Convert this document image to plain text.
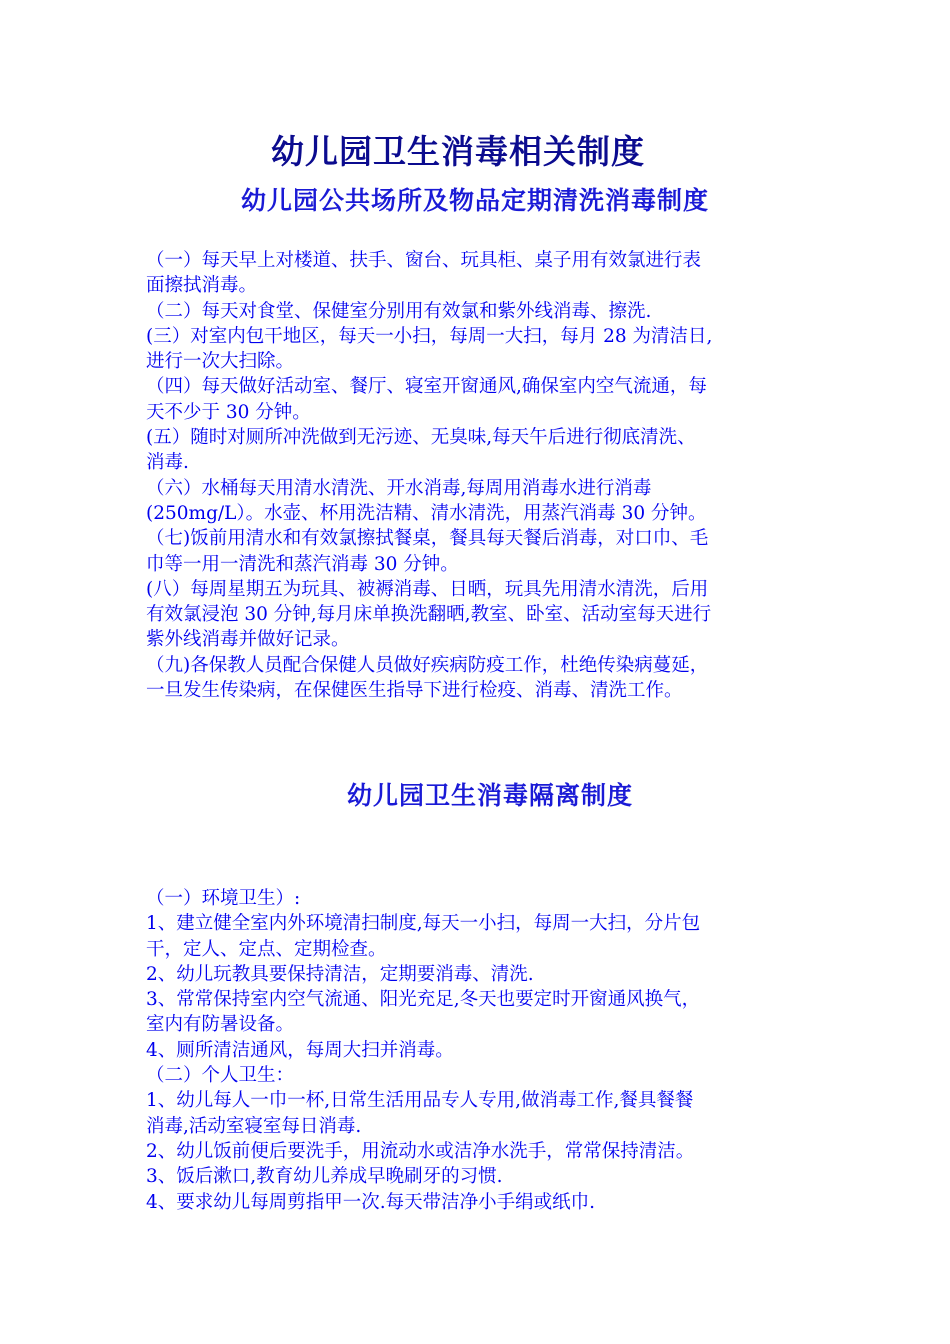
幼儿园卫生消毒相关制度
幼儿园公共场所及物品定期清洗消毒制度
（一）每天早上对楼道、扶手、窗台、玩具柜、桌子用有效氯进行表
面擦拭消毒。
（二）每天对食堂、保健室分别用有效氯和紫外线消毒、擦洗.
(三）对室内包干地区，每天一小扫，每周一大扫，每月 28 为清洁日,
进行一次大扫除。
（四）每天做好活动室、餐厅、寝室开窗通风,确保室内空气流通，每
天不少于 30 分钟。
(五）随时对厕所冲洗做到无污迹、无臭味,每天午后进行彻底清洗、
消毒.
（六）水桶每天用清水清洗、开水消毒,每周用消毒水进行消毒
(250mg/L）。水壶、杯用洗洁精、清水清洗，用蒸汽消毒 30 分钟。
（七)饭前用清水和有效氯擦拭餐桌，餐具每天餐后消毒，对口巾、毛
巾等一用一清洗和蒸汽消毒 30 分钟。
(八）每周星期五为玩具、被褥消毒、日晒，玩具先用清水清洗，后用
有效氯浸泡 30 分钟,每月床单换洗翻晒,教室、卧室、活动室每天进行
紫外线消毒并做好记录。
（九)各保教人员配合保健人员做好疾病防疫工作，杜绝传染病蔓延，
一旦发生传染病，在保健医生指导下进行检疫、消毒、清洗工作。
幼儿园卫生消毒隔离制度
（一）环境卫生）:
1、建立健全室内外环境清扫制度,每天一小扫，每周一大扫，分片包
干，定人、定点、定期检查。
2、幼儿玩教具要保持清洁，定期要消毒、清洗.
3、常常保持室内空气流通、阳光充足,冬天也要定时开窗通风换气，
室内有防暑设备。
4、厕所清洁通风，每周大扫并消毒。
（二）个人卫生：
1、幼儿每人一巾一杯,日常生活用品专人专用,做消毒工作,餐具餐餐
消毒,活动室寝室每日消毒.
2、幼儿饭前便后要洗手，用流动水或洁净水洗手，常常保持清洁。
3、饭后漱口,教育幼儿养成早晚刷牙的习惯.
4、要求幼儿每周剪指甲一次.每天带洁净小手绢或纸巾.
